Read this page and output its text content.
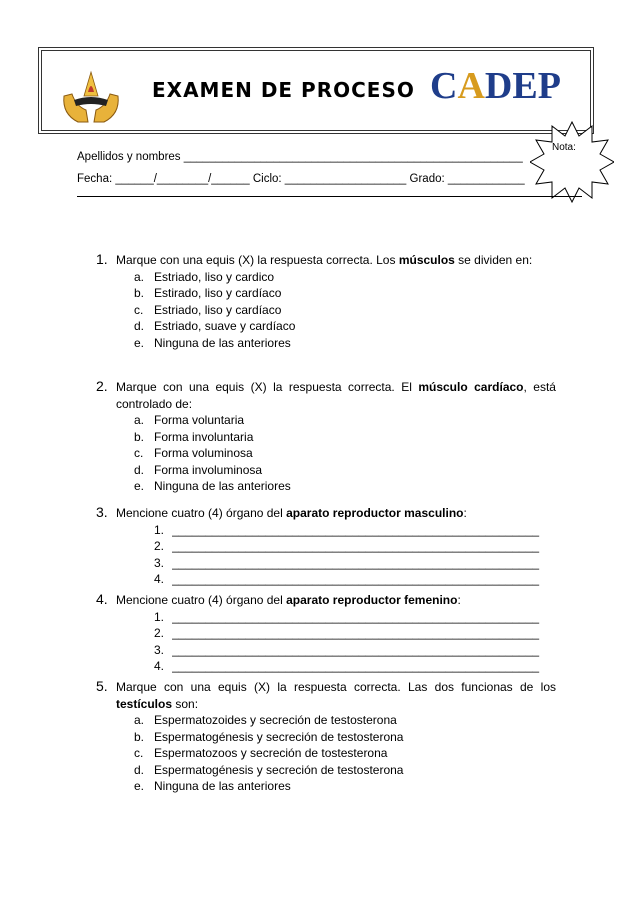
EXAMEN DE PROCESO CADEP
Nota:
Apellidos y nombres _____________________________________________________
Fecha: ______/________/______ Ciclo: ___________________ Grado: ____________
1. Marque con una equis (X) la respuesta correcta. Los músculos se dividen en:
a. Estriado, liso y cardico
b. Estirado, liso y cardíaco
c. Estriado, liso y cardíaco
d. Estriado, suave y cardíaco
e. Ninguna de las anteriores
2. Marque con una equis (X) la respuesta correcta. El músculo cardíaco, está controlado de:
a. Forma voluntaria
b. Forma involuntaria
c. Forma voluminosa
d. Forma involuminosa
e. Ninguna de las anteriores
3. Mencione cuatro (4) órgano del aparato reproductor masculino:
1. _______________________________________________________
2. _______________________________________________________
3. _______________________________________________________
4. _______________________________________________________
4. Mencione cuatro (4) órgano del aparato reproductor femenino:
1. _______________________________________________________
2. _______________________________________________________
3. _______________________________________________________
4. _______________________________________________________
5. Marque con una equis (X) la respuesta correcta. Las dos funcionas de los testículos son:
a. Espermatozoides y secreción de testosterona
b. Espermatogénesis y secreción de testosterona
c. Espermatozoos y secreción de tostesterona
d. Espermatogénesis y secreción de testosterona
e. Ninguna de las anteriores
